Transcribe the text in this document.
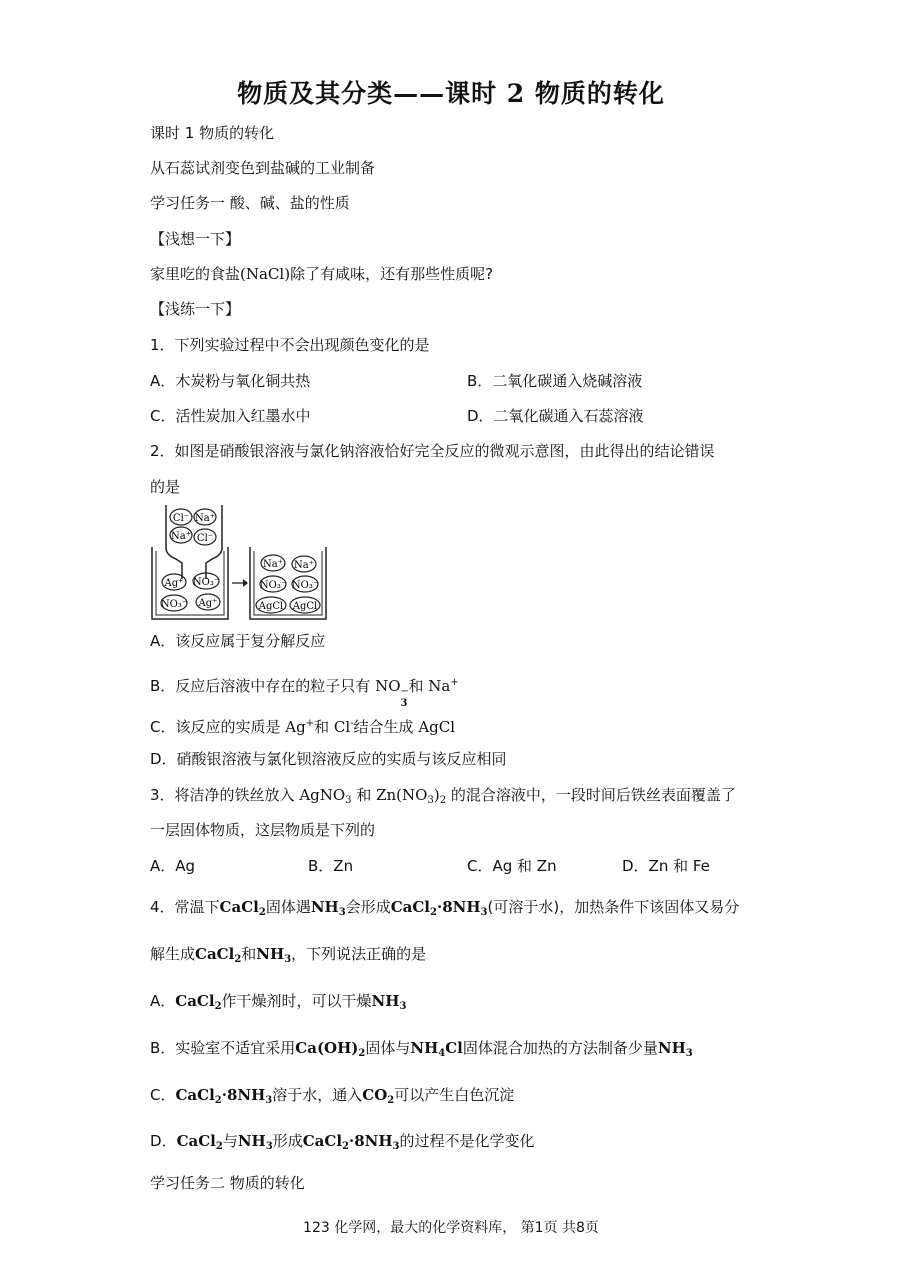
物质及其分类——课时 2 物质的转化
课时 1 物质的转化
从石蕊试剂变色到盐碱的工业制备
学习任务一 酸、碱、盐的性质
【浅想一下】
家里吃的食盐(NaCl)除了有咸味，还有那些性质呢?
【浅练一下】
1．下列实验过程中不会出现颜色变化的是
A．木炭粉与氧化铜共热	B．二氧化碳通入烧碱溶液
C．活性炭加入红墨水中	D．二氧化碳通入石蕊溶液
2．如图是硝酸银溶液与氯化钠溶液恰好完全反应的微观示意图，由此得出的结论错误
的是
Cl⁻ Na⁺
Na⁺ Cl⁻
Ag⁺ NO₃⁻
NO₃⁻ Ag⁺
Na⁺ Na⁺
NO₃⁻ NO₃⁻
AgCl AgCl
A．该反应属于复分解反应
B．反应后溶液中存在的粒子只有 NO −
3
和 Na+
C．该反应的实质是 Ag+和 Cl-结合生成 AgCl
D．硝酸银溶液与氯化钡溶液反应的实质与该反应相同
3．将洁净的铁丝放入 AgNO$_3$ 和 $Zn(NO_3)_2$ 的混合溶液中，一段时间后铁丝表面覆盖了
一层固体物质，这层物质是下列的
A．Ag	B．Zn	C．Ag 和 Zn	D．Zn 和 Fe
4．常温下CaCl$_2$固体遇$NH_3$会形成$CaCl_2\cdot 8NH_3$(可溶于水)，加热条件下该固体又易分
解生成CaCl$_2$和$NH_3$，下列说法正确的是
A．CaCl$_2$作干燥剂时，可以干燥$NH_3$
B．实验室不适宜采用$Ca(OH)_2$固体与$NH_4Cl$固体混合加热的方法制备少量$NH_3$
C．$CaCl_2\cdot 8NH_3$溶于水，通入$CO_2$可以产生白色沉淀
D．CaCl$_2$与$NH_3$形成$CaCl_2\cdot 8NH_3$的过程不是化学变化
学习任务二 物质的转化
123 化学网，最大的化学资料库， 第1页 共8页
